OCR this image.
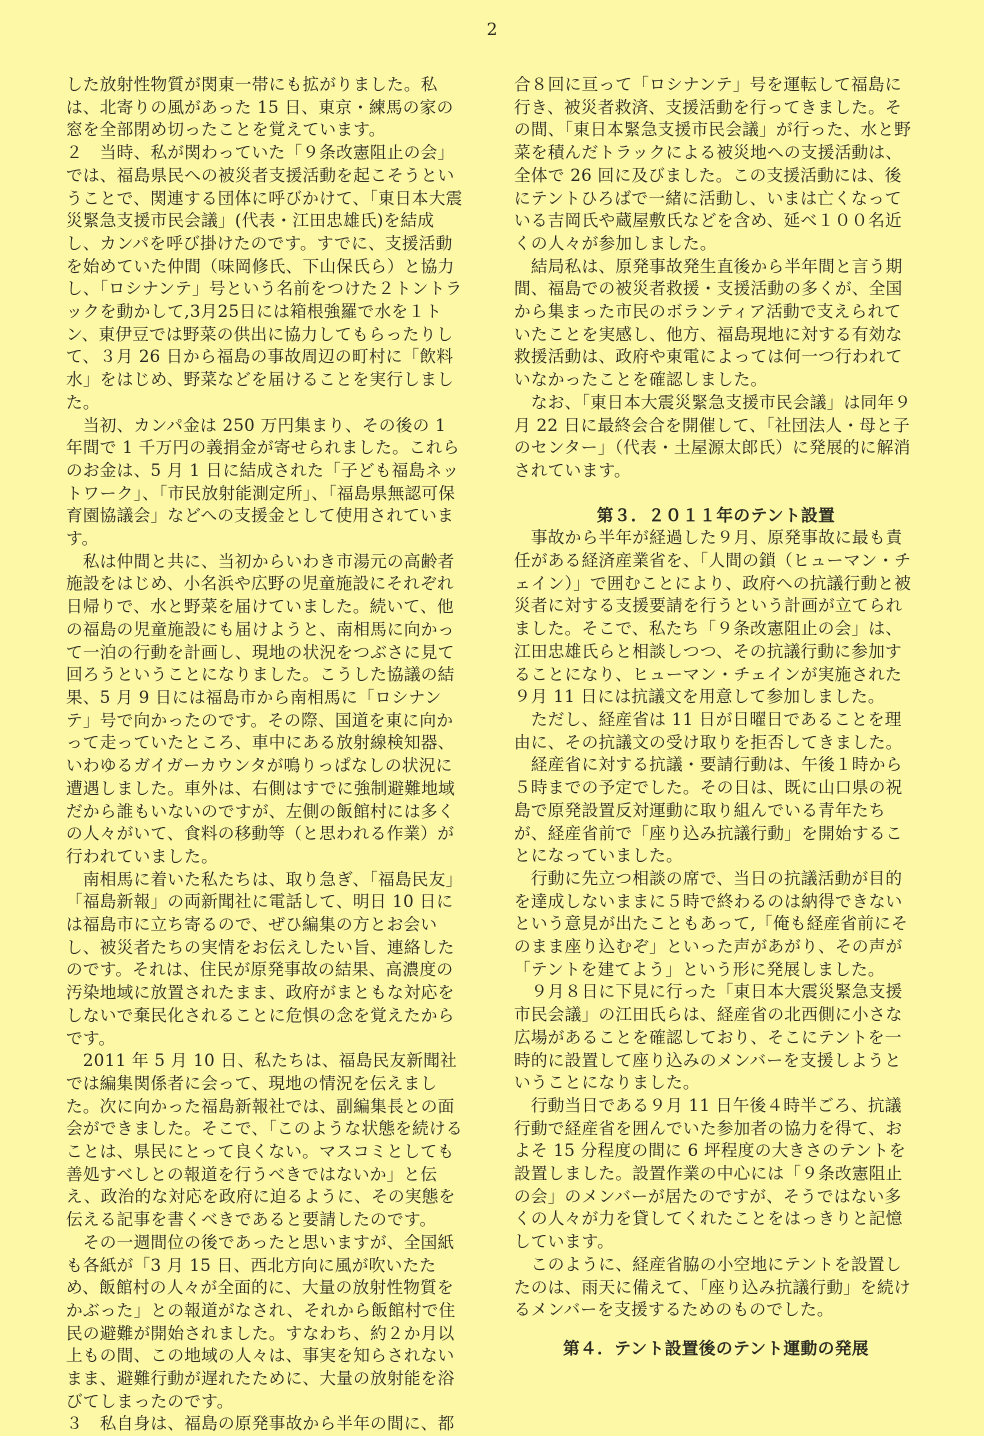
2

した放射性物質が関東一帯にも拡がりました。私は、北寄りの風があった 15 日、東京・練馬の家の窓を全部閉め切ったことを覚えています。

２　当時、私が関わっていた「９条改憲阻止の会」では、福島県民への被災者支援活動を起こそうということで、関連する団体に呼びかけて、「東日本大震災緊急支援市民会議」(代表・江田忠雄氏)を結成し、カンパを呼び掛けたのです。すでに、支援活動を始めていた仲間（味岡修氏、下山保氏ら）と協力し、「ロシナンテ」号という名前をつけた２トントラックを動かして,3月25日には箱根強羅で水を１トン、東伊豆では野菜の供出に協力してもらったりして、３月 26 日から福島の事故周辺の町村に「飲料水」をはじめ、野菜などを届けることを実行しました。

　当初、カンパ金は 250 万円集まり、その後の 1 年間で 1 千万円の義捐金が寄せられました。これらのお金は、5 月 1 日に結成された「子ども福島ネットワーク」、「市民放射能測定所」、「福島県無認可保育園協議会」などへの支援金として使用されています。

　私は仲間と共に、当初からいわき市湯元の高齢者施設をはじめ、小名浜や広野の児童施設にそれぞれ日帰りで、水と野菜を届けていました。続いて、他の福島の児童施設にも届けようと、南相馬に向かって一泊の行動を計画し、現地の状況をつぶさに見て回ろうということになりました。こうした協議の結果、5 月 9 日には福島市から南相馬に「ロシナンテ」号で向かったのです。その際、国道を東に向かって走っていたところ、車中にある放射線検知器、いわゆるガイガーカウンタが鳴りっぱなしの状況に遭遇しました。車外は、右側はすでに強制避難地域だから誰もいないのですが、左側の飯館村には多くの人々がいて、食料の移動等（と思われる作業）が行われていました。

　南相馬に着いた私たちは、取り急ぎ、「福島民友」「福島新報」の両新聞社に電話して、明日 10 日には福島市に立ち寄るので、ぜひ編集の方とお会いし、被災者たちの実情をお伝えしたい旨、連絡したのです。それは、住民が原発事故の結果、高濃度の汚染地域に放置されたまま、政府がまともな対応をしないで棄民化されることに危惧の念を覚えたからです。

　2011 年 5 月 10 日、私たちは、福島民友新聞社では編集関係者に会って、現地の情況を伝えました。次に向かった福島新報社では、副編集長との面会ができました。そこで、「このような状態を続けることは、県民にとって良くない。マスコミとしても善処すべしとの報道を行うべきではないか」と伝え、政治的な対応を政府に迫るように、その実態を伝える記事を書くべきであると要請したのです。

　その一週間位の後であったと思いますが、全国紙も各紙が「3 月 15 日、西北方向に風が吹いたため、飯館村の人々が全面的に、大量の放射性物質をかぶった」との報道がなされ、それから飯館村で住民の避難が開始されました。すなわち、約２か月以上もの間、この地域の人々は、事実を知らされないまま、避難行動が遅れたために、大量の放射能を浴びてしまったのです。

３　私自身は、福島の原発事故から半年の間に、都

合８回に亘って「ロシナンテ」号を運転して福島に行き、被災者救済、支援活動を行ってきました。その間、「東日本緊急支援市民会議」が行った、水と野菜を積んだトラックによる被災地への支援活動は、全体で 26 回に及びました。この支援活動には、後にテントひろばで一緒に活動し、いまは亡くなっている吉岡氏や蔵屋敷氏などを含め、延べ１００名近くの人々が参加しました。

　結局私は、原発事故発生直後から半年間と言う期間、福島での被災者救援・支援活動の多くが、全国から集まった市民のボランティア活動で支えられていたことを実感し、他方、福島現地に対する有効な救援活動は、政府や東電によっては何一つ行われていなかったことを確認しました。

　なお、「東日本大震災緊急支援市民会議」は同年９月 22 日に最終会合を開催して、「社団法人・母と子のセンター」（代表・土屋源太郎氏）に発展的に解消されています。

第３．２０１１年のテント設置

　事故から半年が経過した９月、原発事故に最も責任がある経済産業省を、「人間の鎖（ヒューマン・チェイン）」で囲むことにより、政府への抗議行動と被災者に対する支援要請を行うという計画が立てられました。そこで、私たち「９条改憲阻止の会」は、江田忠雄氏らと相談しつつ、その抗議行動に参加することになり、ヒューマン・チェインが実施された９月 11 日には抗議文を用意して参加しました。

　ただし、経産省は 11 日が日曜日であることを理由に、その抗議文の受け取りを拒否してきました。

　経産省に対する抗議・要請行動は、午後１時から５時までの予定でした。その日は、既に山口県の祝島で原発設置反対運動に取り組んでいる青年たちが、経産省前で「座り込み抗議行動」を開始することになっていました。

　行動に先立つ相談の席で、当日の抗議活動が目的を達成しないままに５時で終わるのは納得できないという意見が出たこともあって,「俺も経産省前にそのまま座り込むぞ」といった声があがり、その声が「テントを建てよう」という形に発展しました。

　９月８日に下見に行った「東日本大震災緊急支援市民会議」の江田氏らは、経産省の北西側に小さな広場があることを確認しており、そこにテントを一時的に設置して座り込みのメンバーを支援しようということになりました。

　行動当日である９月 11 日午後４時半ごろ、抗議行動で経産省を囲んでいた参加者の協力を得て、およそ 15 分程度の間に 6 坪程度の大きさのテントを設置しました。設置作業の中心には「９条改憲阻止の会」のメンバーが居たのですが、そうではない多くの人々が力を貸してくれたことをはっきりと記憶しています。

　このように、経産省脇の小空地にテントを設置したのは、雨天に備えて、「座り込み抗議行動」を続けるメンバーを支援するためのものでした。

第４．テント設置後のテント運動の発展
